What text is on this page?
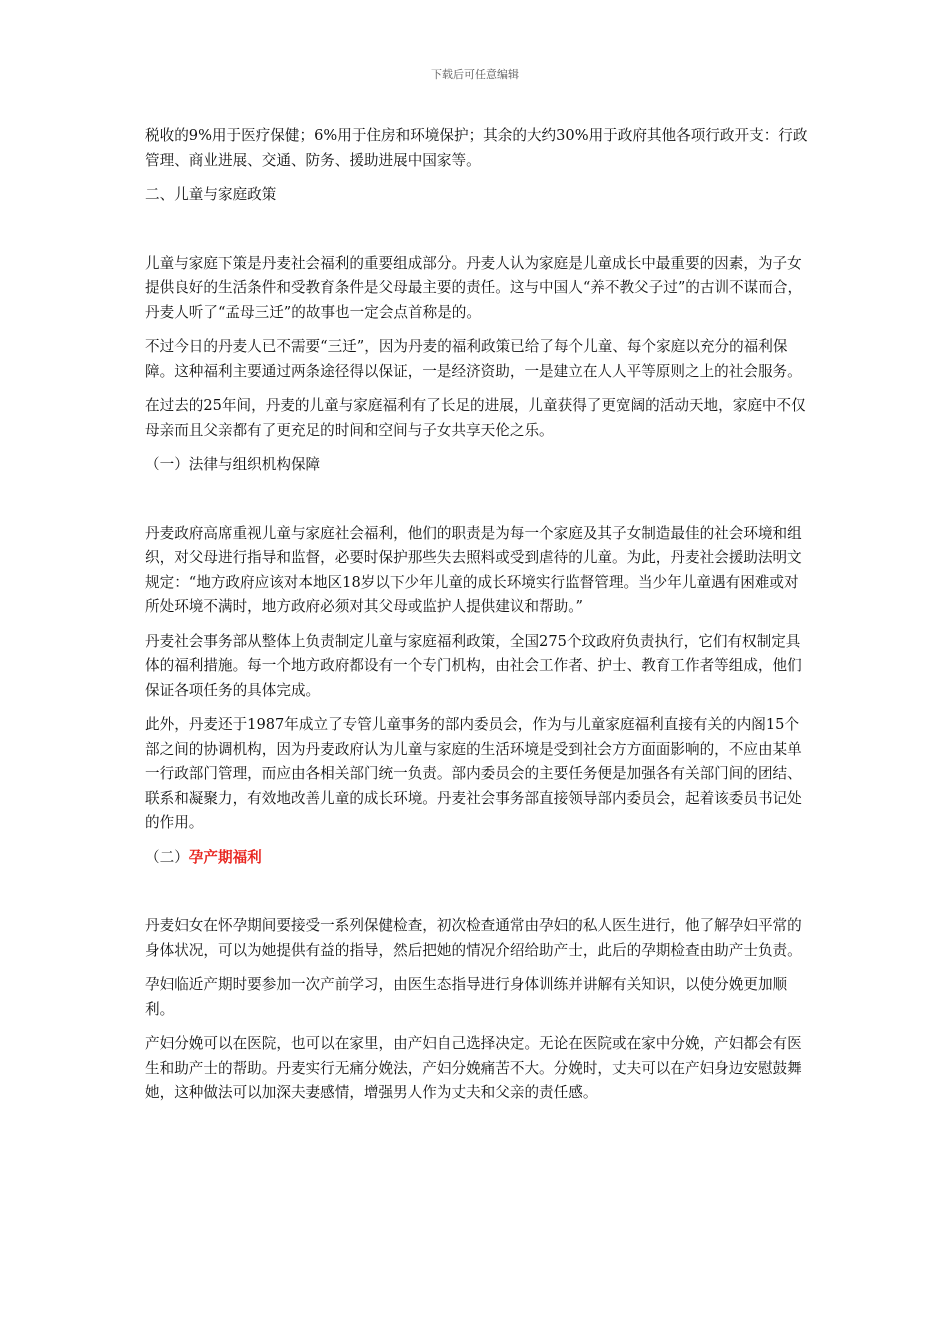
下载后可任意编辑

税收的9%用于医疗保健；6%用于住房和环境保护；其余的大约30%用于政府其他各项行政开支：行政管理、商业进展、交通、防务、援助进展中国家等。

二、儿童与家庭政策

儿童与家庭下策是丹麦社会福利的重要组成部分。丹麦人认为家庭是儿童成长中最重要的因素，为子女提供良好的生活条件和受教育条件是父母最主要的责任。这与中国人“养不教父子过”的古训不谋而合，丹麦人听了“孟母三迁”的故事也一定会点首称是的。

不过今日的丹麦人已不需要“三迁”，因为丹麦的福利政策已给了每个儿童、每个家庭以充分的福利保障。这种福利主要通过两条途径得以保证，一是经济资助，一是建立在人人平等原则之上的社会服务。

在过去的25年间，丹麦的儿童与家庭福利有了长足的进展，儿童获得了更宽阔的活动天地，家庭中不仅母亲而且父亲都有了更充足的时间和空间与子女共享天伦之乐。

（一）法律与组织机构保障

丹麦政府高席重视儿童与家庭社会福利，他们的职责是为每一个家庭及其子女制造最佳的社会环境和组织，对父母进行指导和监督，必要时保护那些失去照料或受到虐待的儿童。为此，丹麦社会援助法明文规定：“地方政府应该对本地区18岁以下少年儿童的成长环境实行监督管理。当少年儿童遇有困难或对所处环境不满时，地方政府必须对其父母或监护人提供建议和帮助。”

丹麦社会事务部从整体上负责制定儿童与家庭福利政策，全国275个玟政府负责执行，它们有权制定具体的福利措施。每一个地方政府都设有一个专门机构，由社会工作者、护士、教育工作者等组成，他们保证各项任务的具体完成。

此外，丹麦还于1987年成立了专管儿童事务的部内委员会，作为与儿童家庭福利直接有关的内阁15个部之间的协调机构，因为丹麦政府认为儿童与家庭的生活环境是受到社会方方面面影响的，不应由某单一行政部门管理，而应由各相关部门统一负责。部内委员会的主要任务便是加强各有关部门间的团结、联系和凝聚力，有效地改善儿童的成长环境。丹麦社会事务部直接领导部内委员会，起着该委员书记处的作用。

（二）孕产期福利

丹麦妇女在怀孕期间要接受一系列保健检查，初次检查通常由孕妇的私人医生进行，他了解孕妇平常的身体状况，可以为她提供有益的指导，然后把她的情况介绍给助产士，此后的孕期检查由助产士负责。

孕妇临近产期时要参加一次产前学习，由医生态指导进行身体训练并讲解有关知识，以使分娩更加顺利。

产妇分娩可以在医院，也可以在家里，由产妇自己选择决定。无论在医院或在家中分娩，产妇都会有医生和助产士的帮助。丹麦实行无痛分娩法，产妇分娩痛苦不大。分娩时，丈夫可以在产妇身边安慰鼓舞她，这种做法可以加深夫妻感情，增强男人作为丈夫和父亲的责任感。
